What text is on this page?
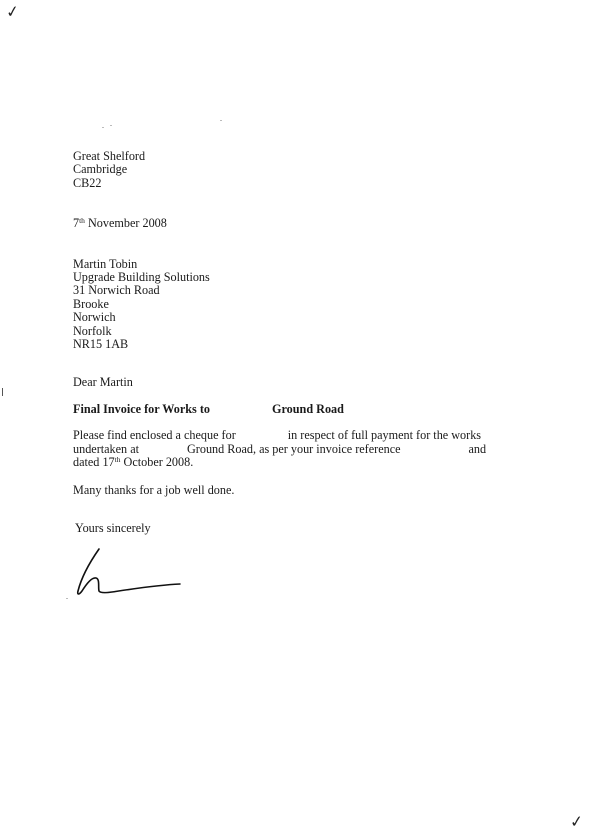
✓
Great Shelford
Cambridge
CB22
7th November 2008
Martin Tobin
Upgrade Building Solutions
31 Norwich Road
Brooke
Norwich
Norfolk
NR15 1AB
Dear Martin
Final Invoice for Works to	Ground Road
Please find enclosed a cheque for	in respect of full payment for the works
undertaken at	Ground Road, as per your invoice reference	and
dated 17th October 2008.
Many thanks for a job well done.
Yours sincerely
✓
